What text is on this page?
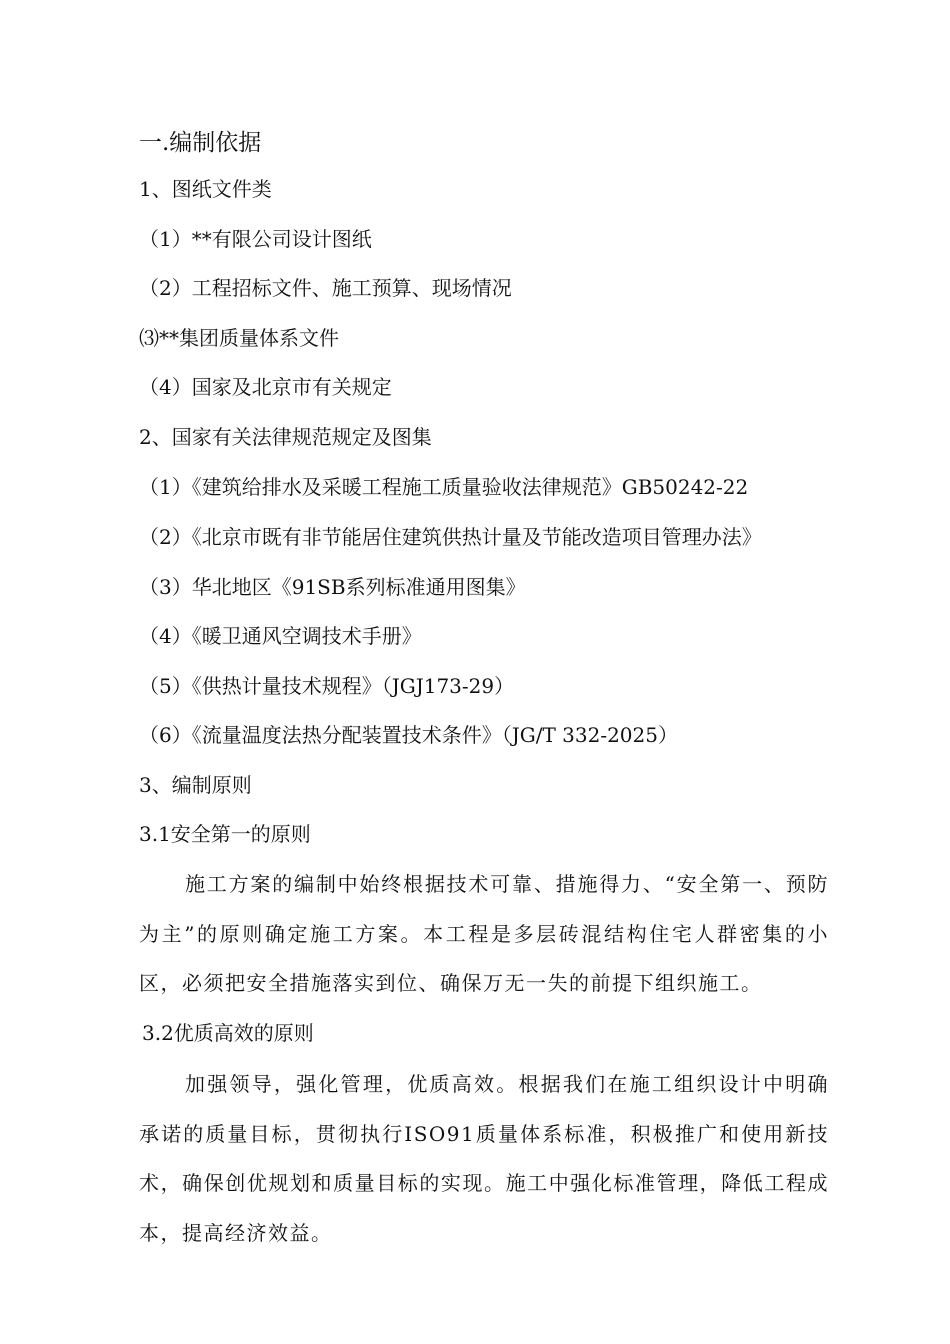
一.编制依据
1、图纸文件类
（1）**有限公司设计图纸
（2）工程招标文件、施工预算、现场情况
⑶**集团质量体系文件
（4）国家及北京市有关规定
2、国家有关法律规范规定及图集
（1）《建筑给排水及采暖工程施工质量验收法律规范》GB50242-22
（2）《北京市既有非节能居住建筑供热计量及节能改造项目管理办法》
（3）华北地区《91SB系列标准通用图集》
（4）《暖卫通风空调技术手册》
（5）《供热计量技术规程》（JGJ173-29）
（6）《流量温度法热分配装置技术条件》（JG/T 332-2025）
3、编制原则
3.1安全第一的原则
施工方案的编制中始终根据技术可靠、措施得力、“安全第一、预防为主”的原则确定施工方案。本工程是多层砖混结构住宅人群密集的小区，必须把安全措施落实到位、确保万无一失的前提下组织施工。
3.2优质高效的原则
加强领导，强化管理，优质高效。根据我们在施工组织设计中明确承诺的质量目标，贯彻执行ISO91质量体系标准，积极推广和使用新技术，确保创优规划和质量目标的实现。施工中强化标准管理，降低工程成本，提高经济效益。
